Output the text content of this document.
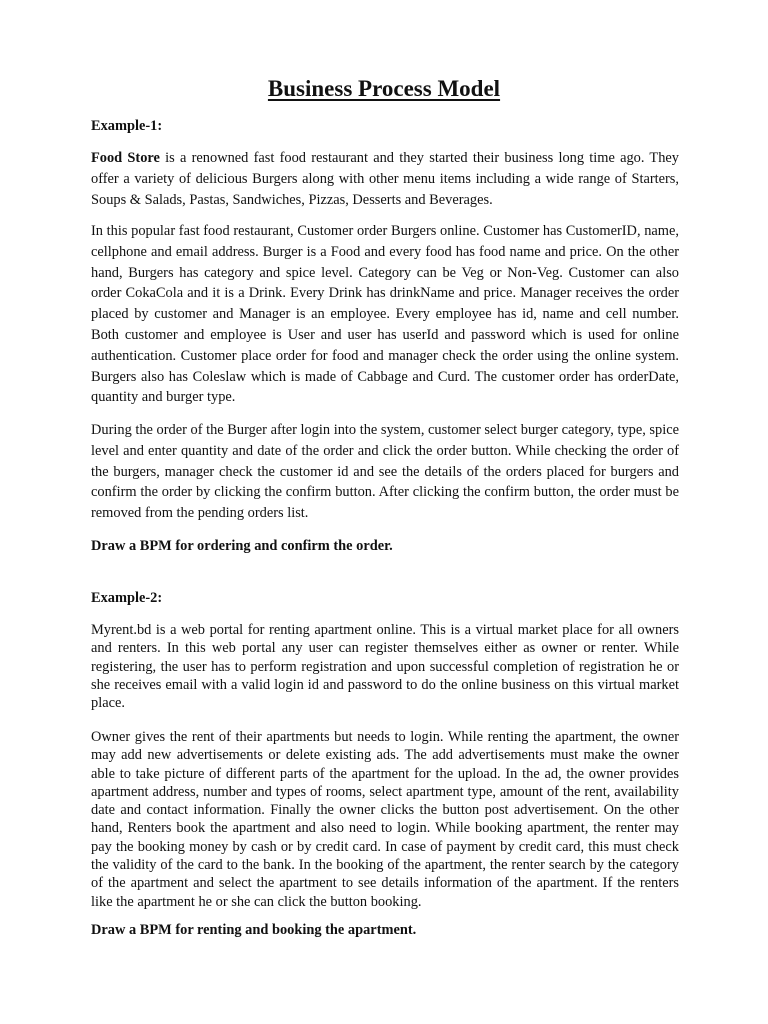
Business Process Model

Example-1:

Food Store is a renowned fast food restaurant and they started their business long time ago. They offer a variety of delicious Burgers along with other menu items including a wide range of Starters, Soups & Salads, Pastas, Sandwiches, Pizzas, Desserts and Beverages.

In this popular fast food restaurant, Customer order Burgers online. Customer has CustomerID, name, cellphone and email address. Burger is a Food and every food has food name and price. On the other hand, Burgers has category and spice level. Category can be Veg or Non-Veg. Customer can also order CokaCola and it is a Drink. Every Drink has drinkName and price. Manager receives the order placed by customer and Manager is an employee. Every employee has id, name and cell number. Both customer and employee is User and user has userId and password which is used for online authentication. Customer place order for food and manager check the order using the online system. Burgers also has Coleslaw which is made of Cabbage and Curd. The customer order has orderDate, quantity and burger type.

During the order of the Burger after login into the system, customer select burger category, type, spice level and enter quantity and date of the order and click the order button. While checking the order of the burgers, manager check the customer id and see the details of the orders placed for burgers and confirm the order by clicking the confirm button. After clicking the confirm button, the order must be removed from the pending orders list.

Draw a BPM for ordering and confirm the order.

Example-2:

Myrent.bd is a web portal for renting apartment online. This is a virtual market place for all owners and renters. In this web portal any user can register themselves either as owner or renter. While registering, the user has to perform registration and upon successful completion of registration he or she receives email with a valid login id and password to do the online business on this virtual market place.

Owner gives the rent of their apartments but needs to login. While renting the apartment, the owner may add new advertisements or delete existing ads. The add advertisements must make the owner able to take picture of different parts of the apartment for the upload. In the ad, the owner provides apartment address, number and types of rooms, select apartment type, amount of the rent, availability date and contact information. Finally the owner clicks the button post advertisement. On the other hand, Renters book the apartment and also need to login. While booking apartment, the renter may pay the booking money by cash or by credit card. In case of payment by credit card, this must check the validity of the card to the bank. In the booking of the apartment, the renter search by the category of the apartment and select the apartment to see details information of the apartment. If the renters like the apartment he or she can click the button booking.

Draw a BPM for renting and booking the apartment.
